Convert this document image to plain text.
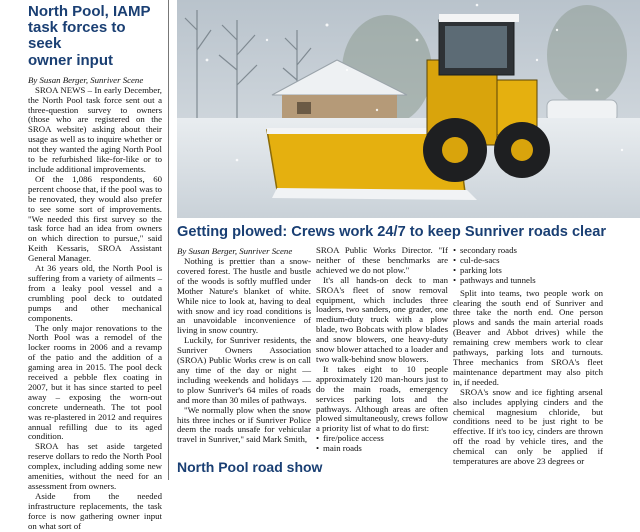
North Pool, IAMP
task forces to seek
owner input

By Susan Berger, Sunriver Scene

SROA NEWS – In early December, the North Pool task force sent out a three-question survey to owners (those who are registered on the SROA website) asking about their usage as well as to inquire whether or not they wanted the aging North Pool to be refurbished like-for-like or to include additional improvements.

Of the 1,086 respondents, 60 percent choose that, if the pool was to be renovated, they would also prefer to see some sort of improvements. "We needed this first survey so the task force had an idea from owners on which direction to pursue," said Keith Kessaris, SROA Assistant General Manager.

At 36 years old, the North Pool is suffering from a variety of ailments – from a leaky pool vessel and a crumbling pool deck to outdated pumps and other mechanical components.

The only major renovations to the North Pool was a remodel of the locker rooms in 2006 and a revamp of the patio and the addition of a gaming area in 2015. The pool deck received a pebble flex coating in 2007, but it has since started to peel away – exposing the worn-out concrete underneath. The tot pool was re-plastered in 2012 and requires annual refilling due to its aged condition.

SROA has set aside targeted reserve dollars to redo the North Pool complex, including adding some new amenities, without the need for an assessment from owners.

Aside from the needed infrastructure replacements, the task force is now gathering owner input on what sort of

Getting plowed: Crews work 24/7 to keep Sunriver roads clear

By Susan Berger, Sunriver Scene

Nothing is prettier than a snow-covered forest. The hustle and bustle of the woods is softly muffled under Mother Nature's blanket of white. While nice to look at, having to deal with snow and icy road conditions is an unavoidable inconvenience of living in snow country.

Luckily, for Sunriver residents, the Sunriver Owners Association (SROA) Public Works crew is on call any time of the day or night — including weekends and holidays — to plow Sunriver's 64 miles of roads and more than 30 miles of pathways.

"We normally plow when the snow hits three inches or if Sunriver Police deem the roads unsafe for vehicular travel in Sunriver," said Mark Smith,

North Pool road show

SROA Public Works Director. "If neither of these benchmarks are achieved we do not plow."

It's all hands-on deck to man SROA's fleet of snow removal equipment, which includes three loaders, two sanders, one grader, one medium-duty truck with a plow blade, two Bobcats with plow blades and snow blowers, one heavy-duty snow blower attached to a loader and two walk-behind snow blowers.

It takes eight to 10 people approximately 120 man-hours just to do the main roads, emergency services parking lots and the pathways. Although areas are often plowed simultaneously, crews follow a priority list of what to do first:

• fire/police access
• main roads
• secondary roads
• cul-de-sacs
• parking lots
• pathways and tunnels

Split into teams, two people work on clearing the south end of Sunriver and three take the north end. One person plows and sands the main arterial roads (Beaver and Abbot drives) while the remaining crew members work to clear pathways, parking lots and turnouts. Three mechanics from SROA's fleet maintenance department may also pitch in, if needed.

SROA's snow and ice fighting arsenal also includes applying cinders and the chemical magnesium chloride, but conditions need to be just right to be effective. If it's too icy, cinders are thrown off the road by vehicle tires, and the chemical can only be applied if temperatures are above 23 degrees or
